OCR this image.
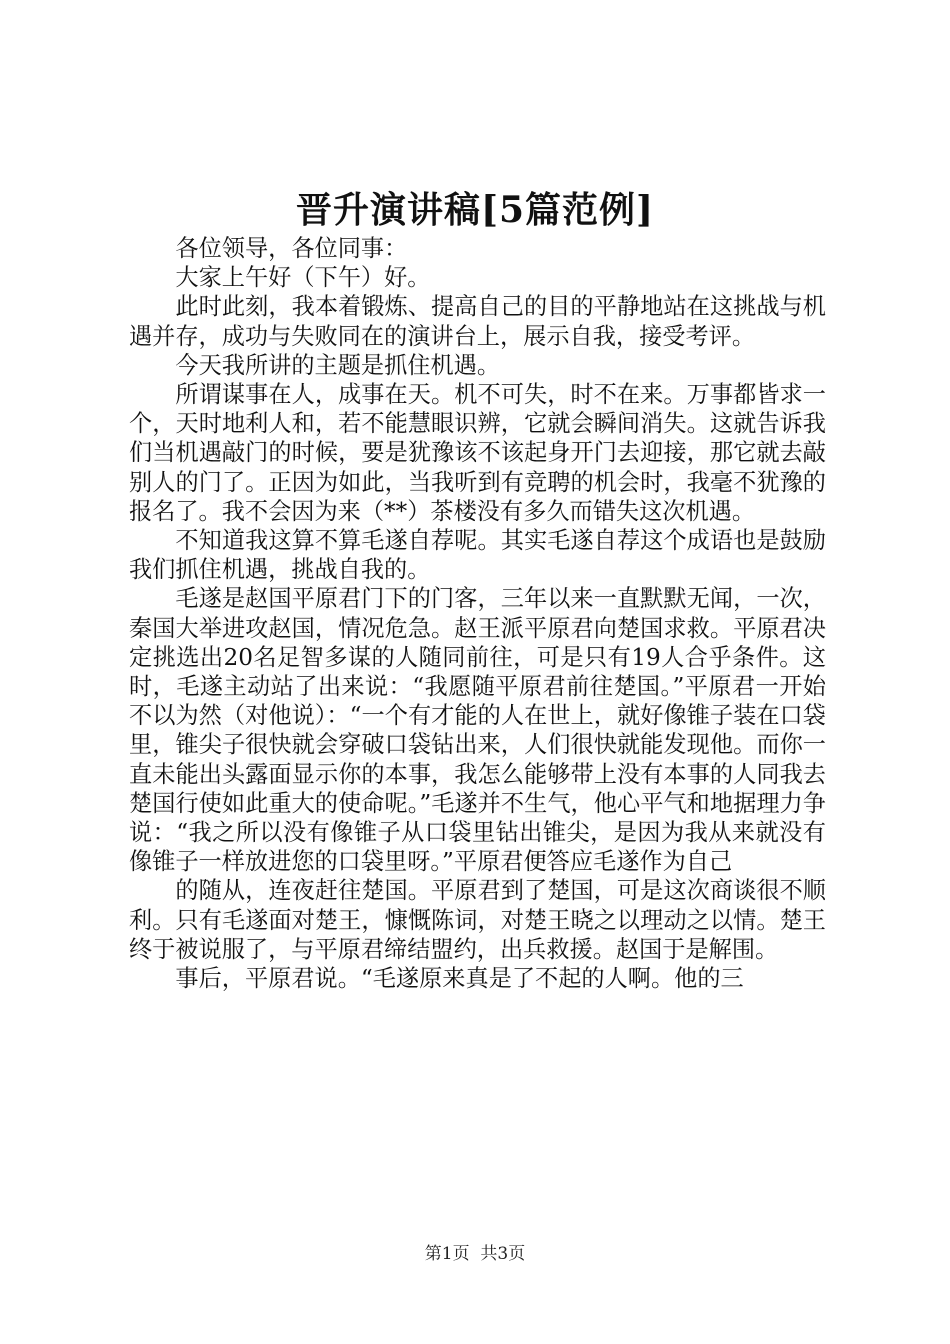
晋升演讲稿[5篇范例]

各位领导，各位同事：

大家上午好（下午）好。

此时此刻，我本着锻炼、提高自己的目的平静地站在这挑战与机遇并存，成功与失败同在的演讲台上，展示自我，接受考评。

今天我所讲的主题是抓住机遇。

所谓谋事在人，成事在天。机不可失，时不在来。万事都皆求一个，天时地利人和，若不能慧眼识辨，它就会瞬间消失。这就告诉我们当机遇敲门的时候，要是犹豫该不该起身开门去迎接，那它就去敲别人的门了。正因为如此，当我听到有竞聘的机会时，我毫不犹豫的报名了。我不会因为来（**）茶楼没有多久而错失这次机遇。

不知道我这算不算毛遂自荐呢。其实毛遂自荐这个成语也是鼓励我们抓住机遇，挑战自我的。

毛遂是赵国平原君门下的门客，三年以来一直默默无闻，一次，秦国大举进攻赵国，情况危急。赵王派平原君向楚国求救。平原君决定挑选出20名足智多谋的人随同前往，可是只有19人合乎条件。这时，毛遂主动站了出来说：“我愿随平原君前往楚国。”平原君一开始不以为然（对他说）：“一个有才能的人在世上，就好像锥子装在口袋里，锥尖子很快就会穿破口袋钻出来，人们很快就能发现他。而你一直未能出头露面显示你的本事，我怎么能够带上没有本事的人同我去楚国行使如此重大的使命呢。”毛遂并不生气，他心平气和地据理力争说：“我之所以没有像锥子从口袋里钻出锥尖，是因为我从来就没有像锥子一样放进您的口袋里呀。”平原君便答应毛遂作为自己

的随从，连夜赶往楚国。平原君到了楚国，可是这次商谈很不顺利。只有毛遂面对楚王，慷慨陈词，对楚王晓之以理动之以情。楚王终于被说服了，与平原君缔结盟约，出兵救援。赵国于是解围。

事后，平原君说。“毛遂原来真是了不起的人啊。他的三

第1页 共3页
